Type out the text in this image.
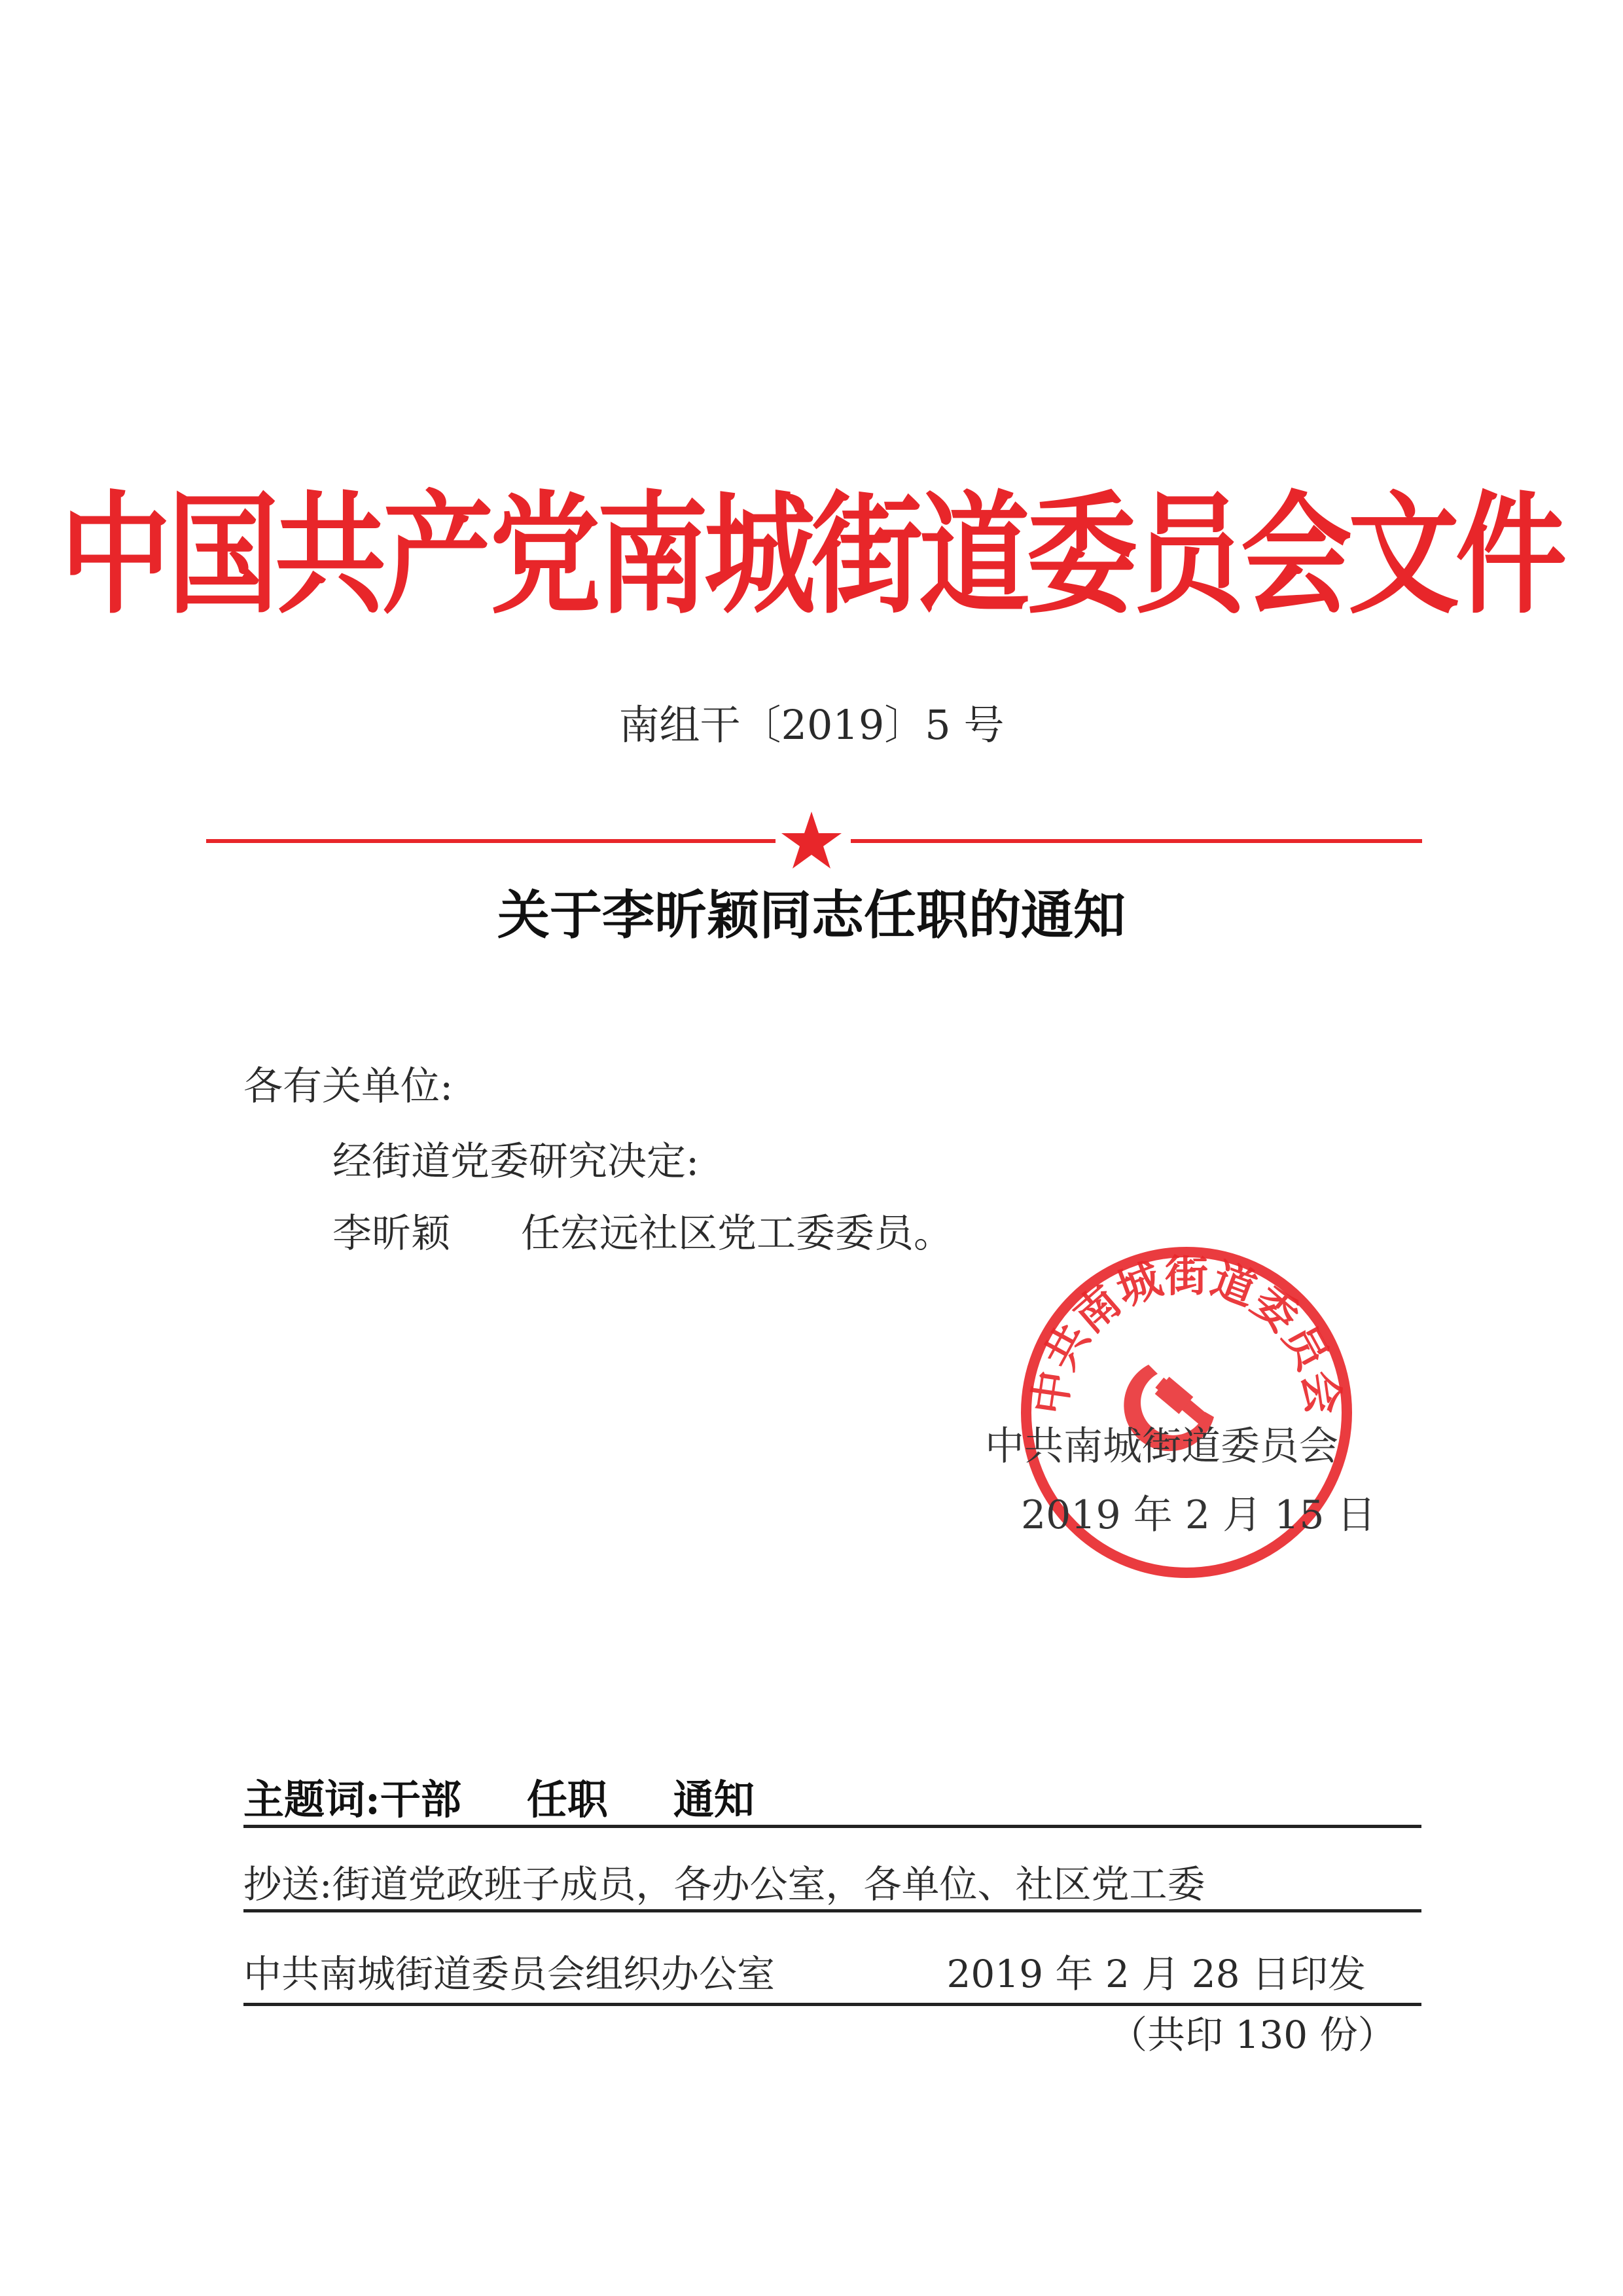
中国共产党南城街道委员会文件
南组干〔2019〕5 号
关于李昕颖同志任职的通知
各有关单位:
经街道党委研究决定:
李昕颖 任宏远社区党工委委员。
中共南城街道委员会
中共南城街道委员会
2019 年 2 月 15 日
主题词:干部 任职 通知
抄送:街道党政班子成员，各办公室，各单位、社区党工委
中共南城街道委员会组织办公室	2019 年 2 月 28 日印发
（共印 130 份）
